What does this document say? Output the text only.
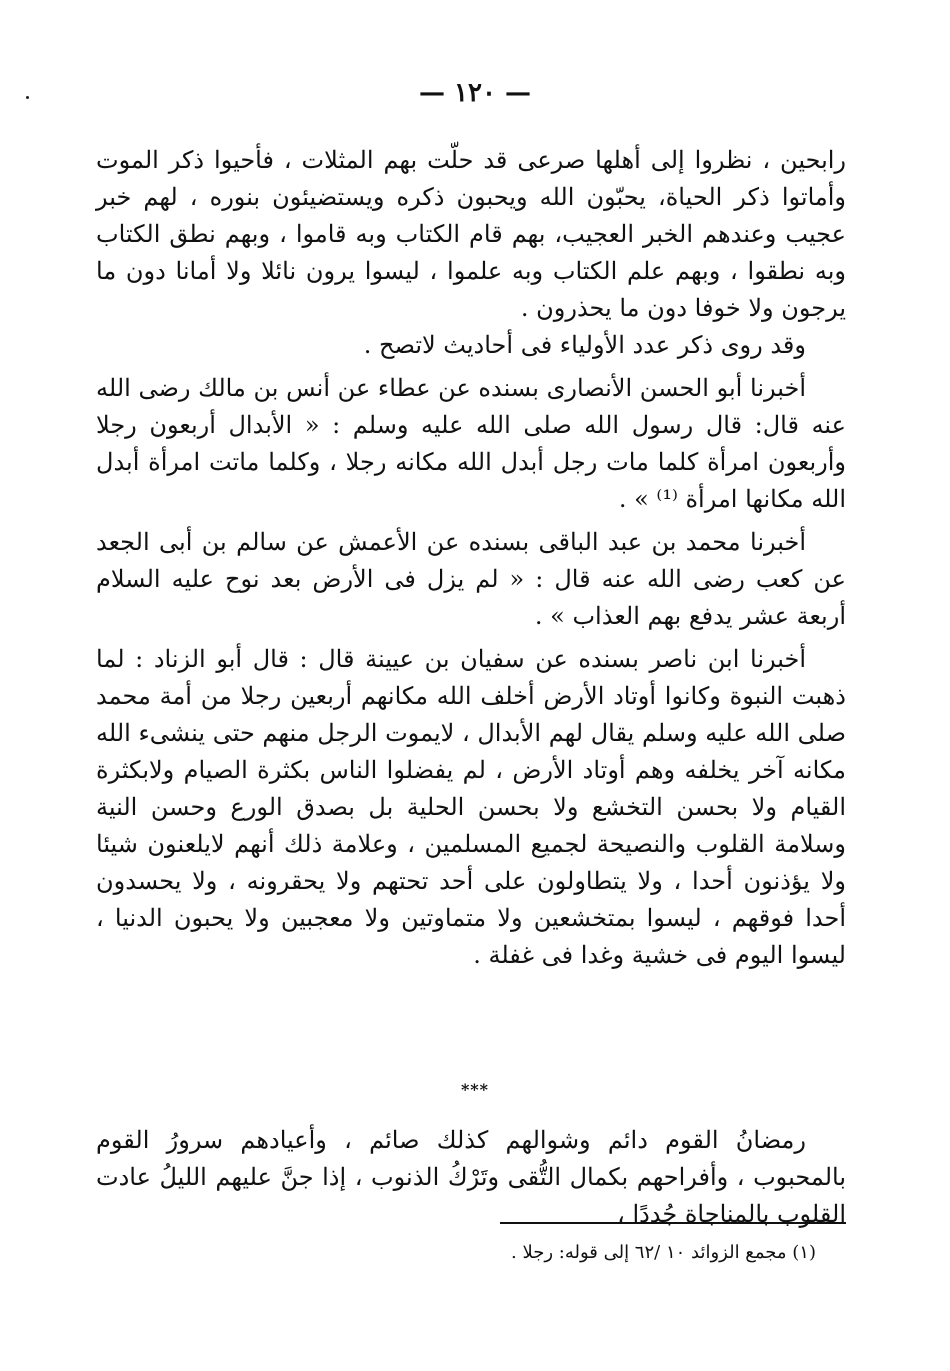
— ١٢٠ —

رابحين ، نظروا إلى أهلها صرعى قد حلّت بهم المثلات ، فأحيوا ذكر الموت وأماتوا ذكر الحياة، يحبّون الله ويحبون ذكره ويستضيئون بنوره ، لهم خبر عجيب وعندهم الخبر العجيب، بهم قام الكتاب وبه قاموا ، وبهم نطق الكتاب وبه نطقوا ، وبهم علم الكتاب وبه علموا ، ليسوا يرون نائلا ولا أمانا دون ما يرجون ولا خوفا دون ما يحذرون .

وقد روى ذكر عدد الأولياء فى أحاديث لاتصح .

أخبرنا أبو الحسن الأنصارى بسنده عن عطاء عن أنس بن مالك رضى الله عنه قال: قال رسول الله صلى الله عليه وسلم : « الأبدال أربعون رجلا وأربعون امرأة كلما مات رجل أبدل الله مكانه رجلا ، وكلما ماتت امرأة أبدل الله مكانها امرأة ⁽¹⁾ » .

أخبرنا محمد بن عبد الباقى بسنده عن الأعمش عن سالم بن أبى الجعد عن كعب رضى الله عنه قال : « لم يزل فى الأرض بعد نوح عليه السلام أربعة عشر يدفع بهم العذاب » .

أخبرنا ابن ناصر بسنده عن سفيان بن عيينة قال : قال أبو الزناد : لما ذهبت النبوة وكانوا أوتاد الأرض أخلف الله مكانهم أربعين رجلا من أمة محمد صلى الله عليه وسلم يقال لهم الأبدال ، لايموت الرجل منهم حتى ينشىء الله مكانه آخر يخلفه وهم أوتاد الأرض ، لم يفضلوا الناس بكثرة الصيام ولابكثرة القيام ولا بحسن التخشع ولا بحسن الحلية بل بصدق الورع وحسن النية وسلامة القلوب والنصيحة لجميع المسلمين ، وعلامة ذلك أنهم لايلعنون شيئا ولا يؤذنون أحدا ، ولا يتطاولون على أحد تحتهم ولا يحقرونه ، ولا يحسدون أحدا فوقهم ، ليسوا بمتخشعين ولا متماوتين ولا معجبين ولا يحبون الدنيا ، ليسوا اليوم فى خشية وغدا فى غفلة .

***

رمضانُ القوم دائم وشوالهم كذلك صائم ، وأعيادهم سرورُ القوم بالمحبوب ، وأفراحهم بكمال التُّقى وتَرْكُ الذنوب ، إذا جنَّ عليهم الليلُ عادت القلوب بالمناجاة جُددًا ،

(١) مجمع الزوائد ١٠ /٦٢ إلى قوله: رجلا .
